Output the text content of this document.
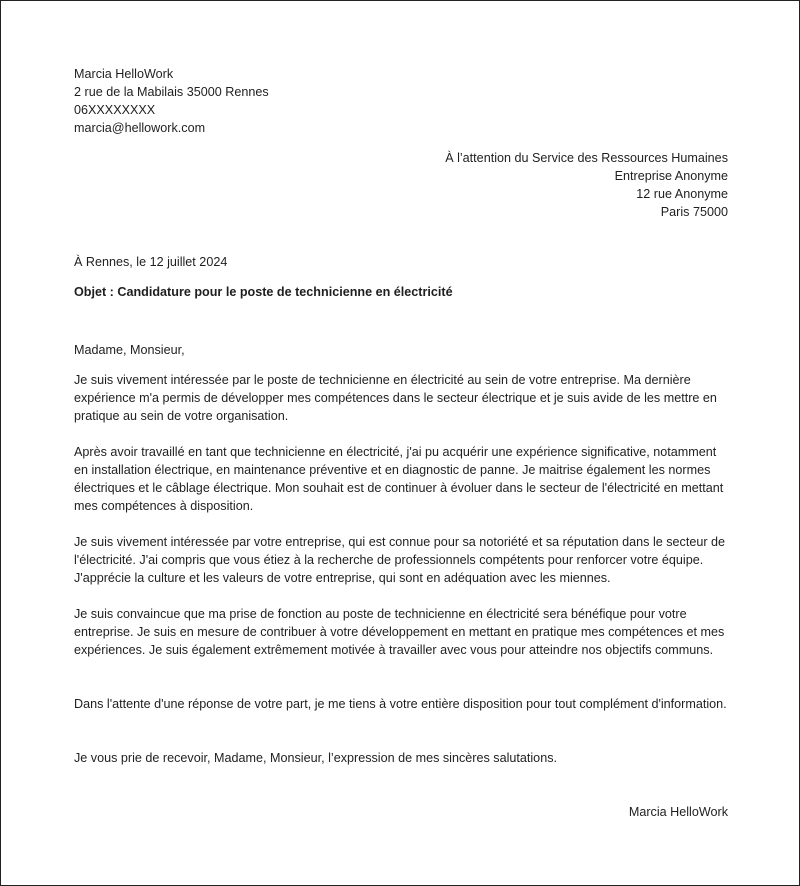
Marcia HelloWork
2 rue de la Mabilais 35000 Rennes
06XXXXXXXX
marcia@hellowork.com
À l’attention du Service des Ressources Humaines
Entreprise Anonyme
12 rue Anonyme
Paris 75000
À Rennes, le 12 juillet 2024
Objet : Candidature pour le poste de technicienne en électricité
Madame, Monsieur,
Je suis vivement intéressée par le poste de technicienne en électricité au sein de votre entreprise. Ma dernière expérience m'a permis de développer mes compétences dans le secteur électrique et je suis avide de les mettre en pratique au sein de votre organisation.
Après avoir travaillé en tant que technicienne en électricité, j'ai pu acquérir une expérience significative, notamment en installation électrique, en maintenance préventive et en diagnostic de panne. Je maitrise également les normes électriques et le câblage électrique. Mon souhait est de continuer à évoluer dans le secteur de l'électricité en mettant mes compétences à disposition.
Je suis vivement intéressée par votre entreprise, qui est connue pour sa notoriété et sa réputation dans le secteur de l'électricité. J'ai compris que vous étiez à la recherche de professionnels compétents pour renforcer votre équipe. J'apprécie la culture et les valeurs de votre entreprise, qui sont en adéquation avec les miennes.
Je suis convaincue que ma prise de fonction au poste de technicienne en électricité sera bénéfique pour votre entreprise. Je suis en mesure de contribuer à votre développement en mettant en pratique mes compétences et mes expériences. Je suis également extrêmement motivée à travailler avec vous pour atteindre nos objectifs communs.
Dans l'attente d'une réponse de votre part, je me tiens à votre entière disposition pour tout complément d'information.
Je vous prie de recevoir, Madame, Monsieur, l’expression de mes sincères salutations.
Marcia HelloWork
